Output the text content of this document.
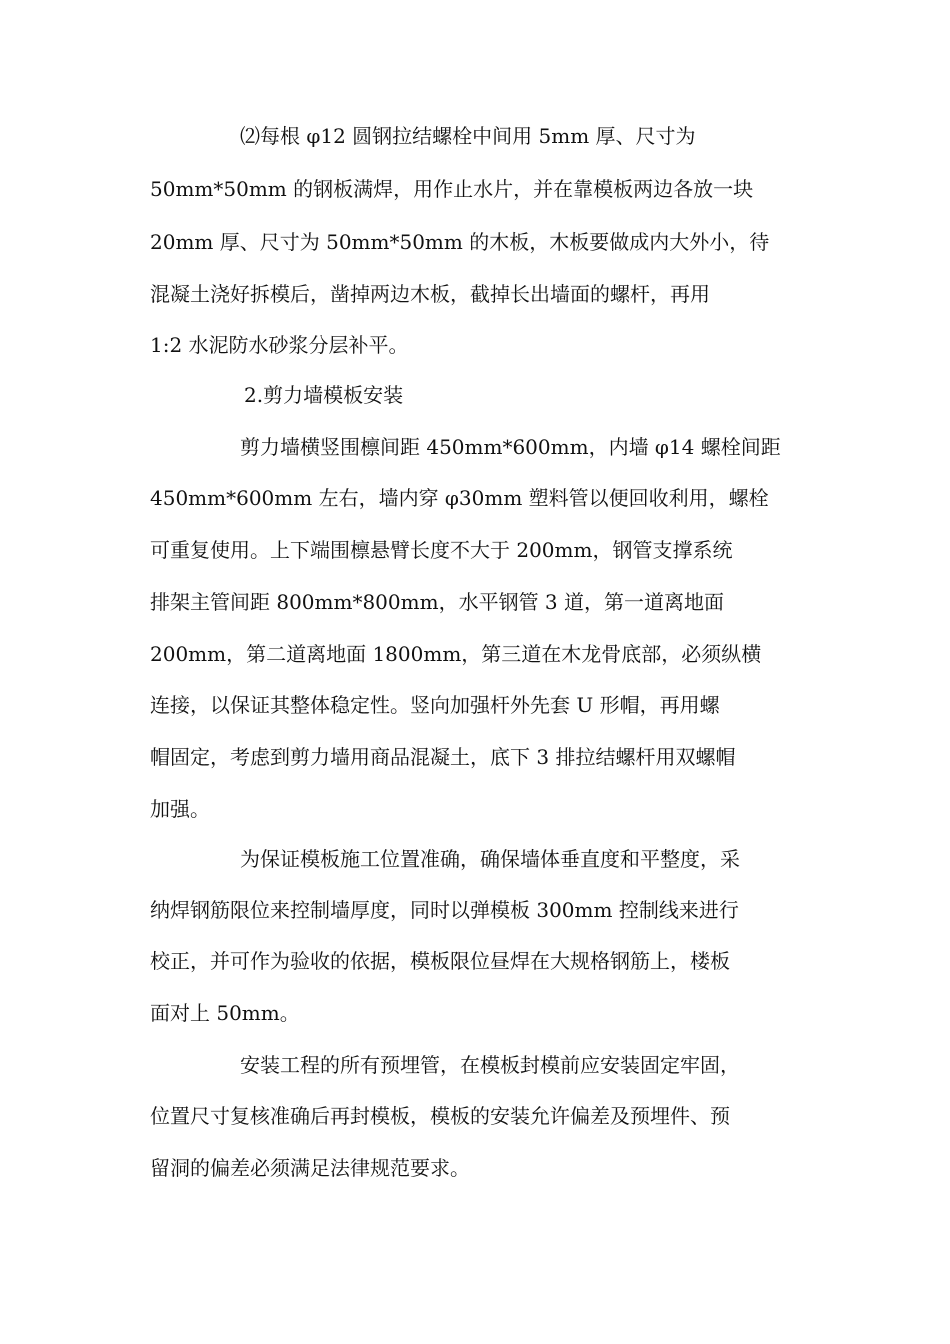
⑵每根 φ12 圆钢拉结螺栓中间用 5mm 厚、尺寸为
50mm*50mm 的钢板满焊，用作止水片，并在靠模板两边各放一块
20mm 厚、尺寸为 50mm*50mm 的木板，木板要做成内大外小，待
混凝土浇好拆模后，凿掉两边木板，截掉长出墙面的螺杆，再用
1:2 水泥防水砂浆分层补平。
2.剪力墙模板安装
剪力墙横竖围檩间距 450mm*600mm，内墙 φ14 螺栓间距
450mm*600mm 左右，墙内穿 φ30mm 塑料管以便回收利用，螺栓
可重复使用。上下端围檩悬臂长度不大于 200mm，钢管支撑系统
排架主管间距 800mm*800mm，水平钢管 3 道，第一道离地面
200mm，第二道离地面 1800mm，第三道在木龙骨底部，必须纵横
连接，以保证其整体稳定性。竖向加强杆外先套 U 形帽，再用螺
帽固定，考虑到剪力墙用商品混凝土，底下 3 排拉结螺杆用双螺帽
加强。
为保证模板施工位置准确，确保墙体垂直度和平整度，采
纳焊钢筋限位来控制墙厚度，同时以弹模板 300mm 控制线来进行
校正，并可作为验收的依据，模板限位昼焊在大规格钢筋上，楼板
面对上 50mm。
安装工程的所有预埋管，在模板封模前应安装固定牢固，
位置尺寸复核准确后再封模板，模板的安装允许偏差及预埋件、预
留洞的偏差必须满足法律规范要求。
